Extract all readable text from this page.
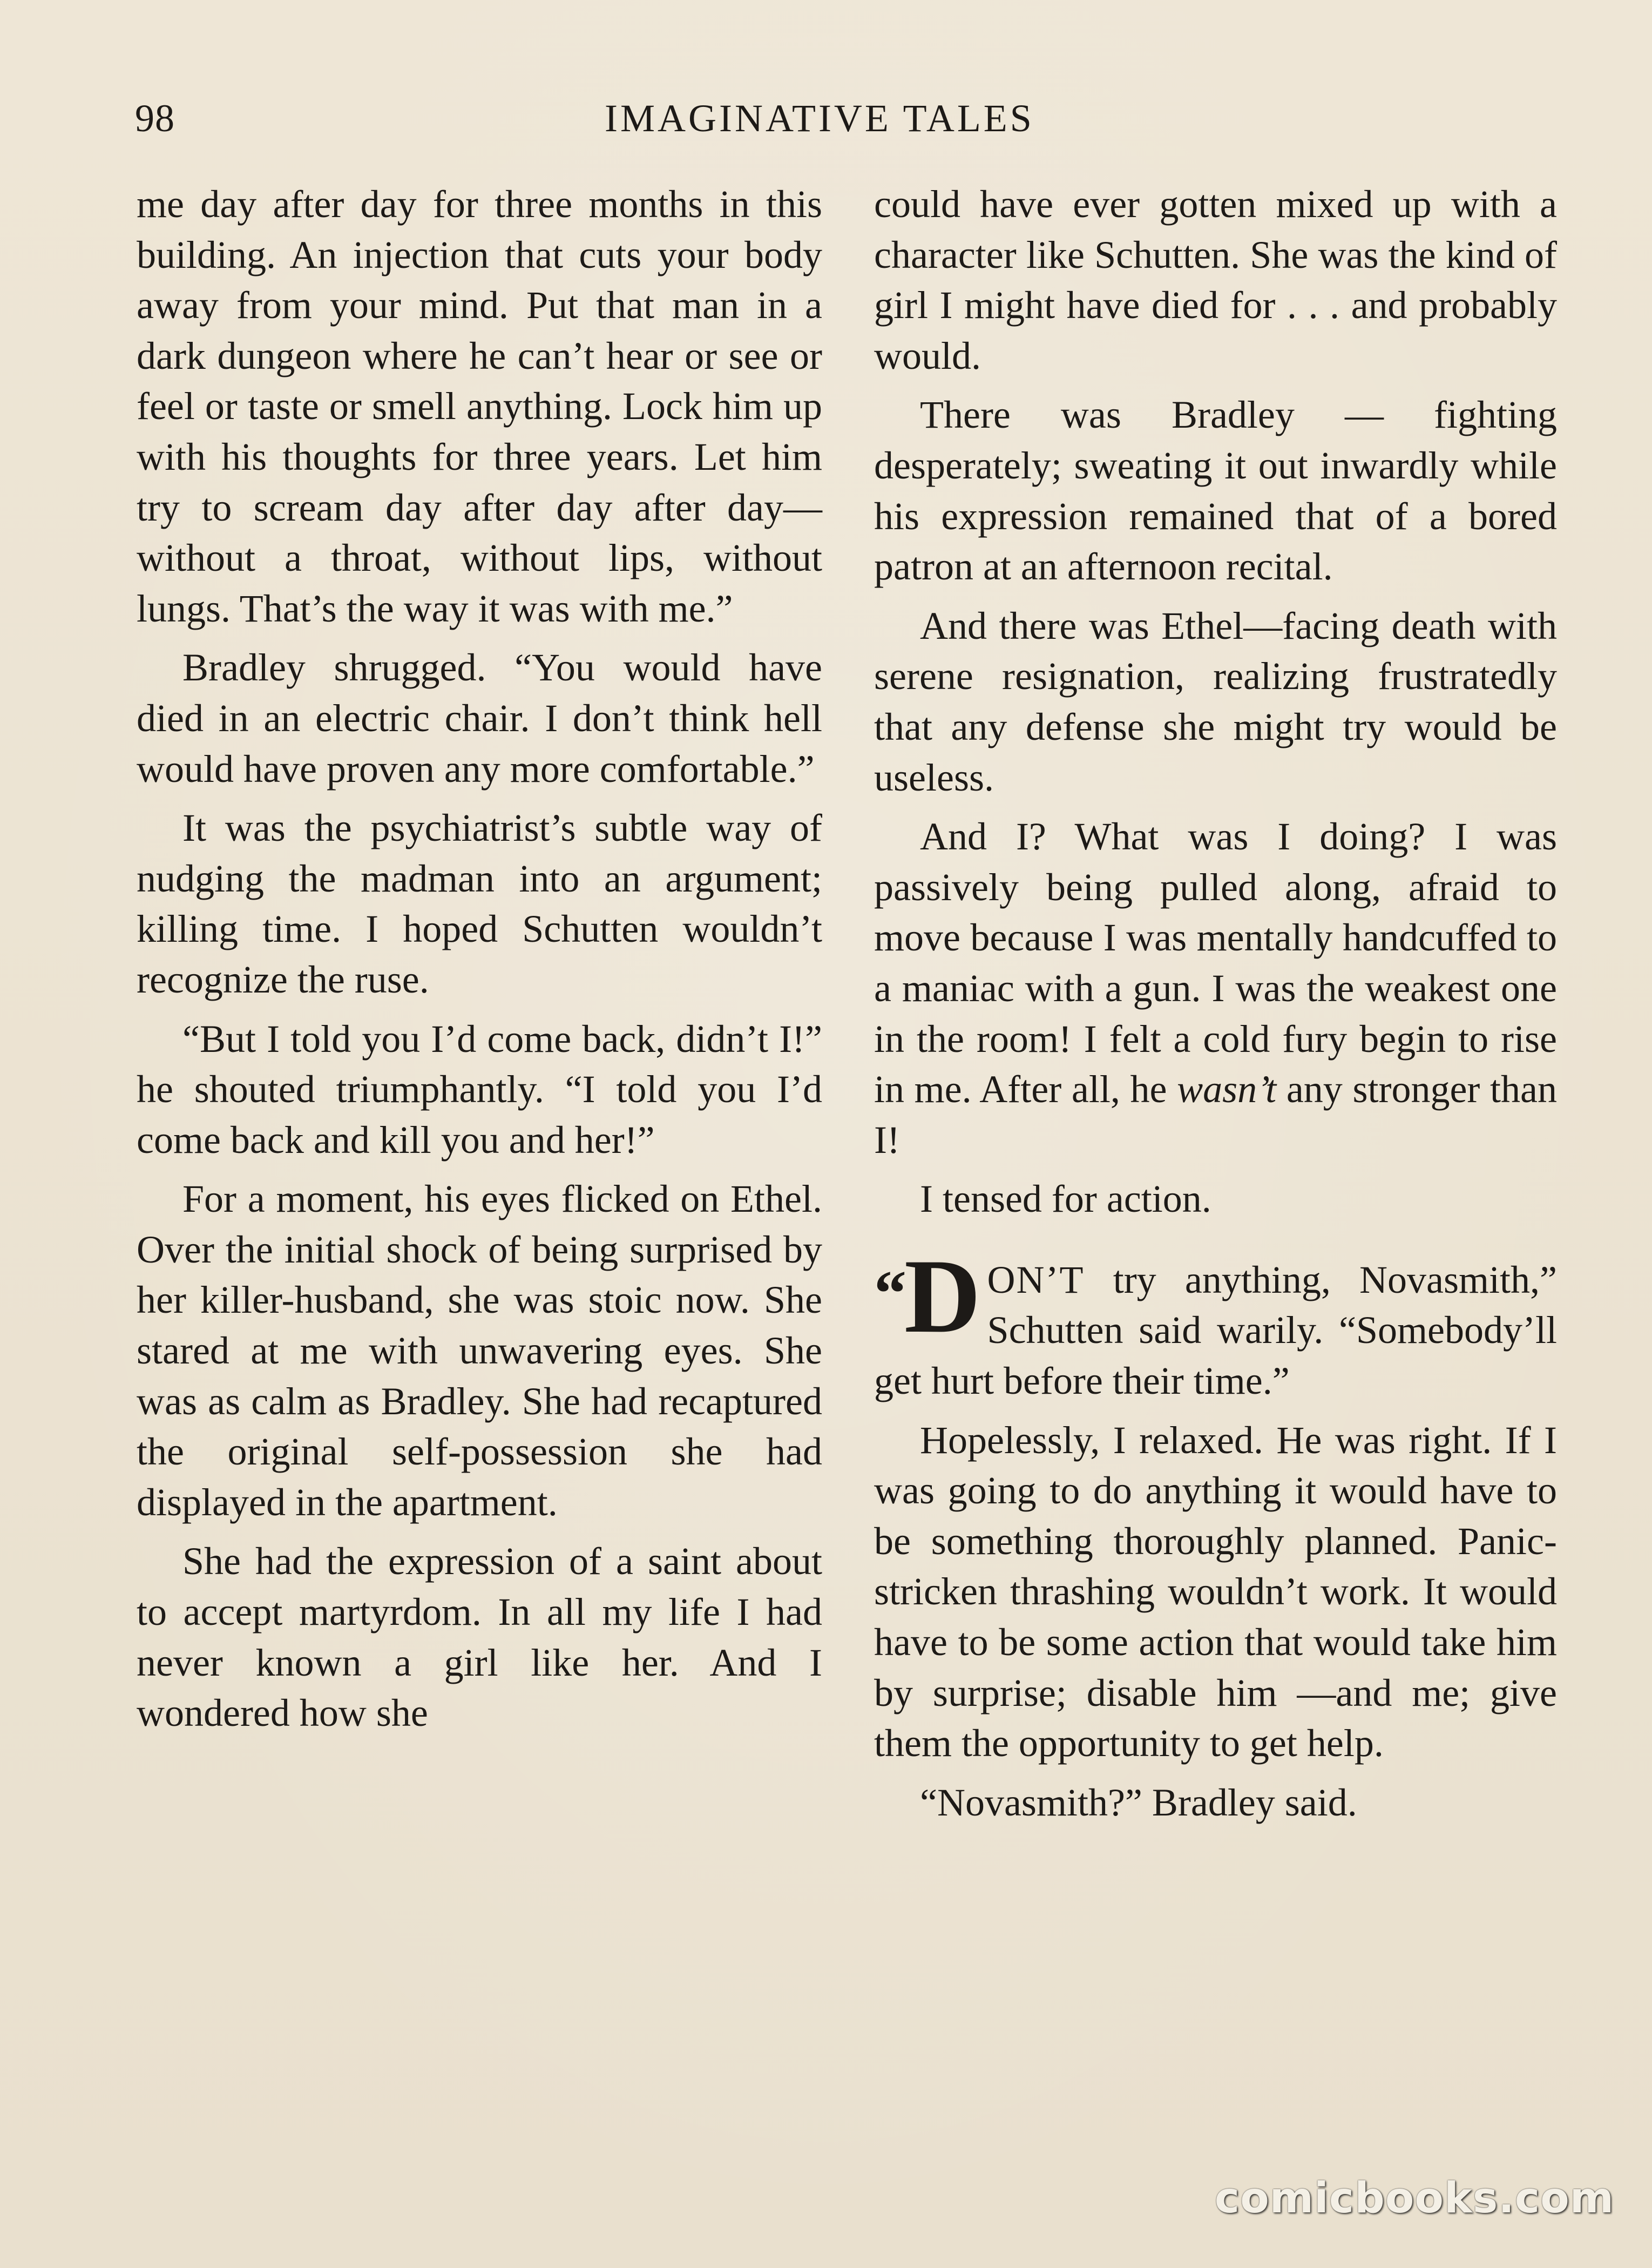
98	IMAGINATIVE TALES

me day after day for three months in this building. An injection that cuts your body away from your mind. Put that man in a dark dungeon where he can’t hear or see or feel or taste or smell anything. Lock him up with his thoughts for three years. Let him try to scream day after day after day—without a throat, without lips, without lungs. That’s the way it was with me.”

Bradley shrugged. “You would have died in an electric chair. I don’t think hell would have proven any more comfortable.”

It was the psychiatrist’s subtle way of nudging the madman into an argument; killing time. I hoped Schutten wouldn’t recognize the ruse.

“But I told you I’d come back, didn’t I!” he shouted triumphantly. “I told you I’d come back and kill you and her!”

For a moment, his eyes flicked on Ethel. Over the initial shock of being surprised by her killer-husband, she was stoic now. She stared at me with unwavering eyes. She was as calm as Bradley. She had recaptured the original self-possession she had displayed in the apartment.

She had the expression of a saint about to accept martyrdom. In all my life I had never known a girl like her. And I wondered how she

could have ever gotten mixed up with a character like Schutten. She was the kind of girl I might have died for . . . and probably would.

There was Bradley — fighting desperately; sweating it out inwardly while his expression remained that of a bored patron at an afternoon recital.

And there was Ethel—facing death with serene resignation, realizing frustratedly that any defense she might try would be useless.

And I? What was I doing? I was passively being pulled along, afraid to move because I was mentally handcuffed to a maniac with a gun. I was the weakest one in the room! I felt a cold fury begin to rise in me. After all, he wasn’t any stronger than I!

I tensed for action.

“D ON’T try anything, Novasmith,” Schutten said warily. “Somebody’ll get hurt before their time.”

Hopelessly, I relaxed. He was right. If I was going to do anything it would have to be something thoroughly planned. Panic-stricken thrashing wouldn’t work. It would have to be some action that would take him by surprise; disable him —and me; give them the opportunity to get help.

“Novasmith?” Bradley said.

comicbooks.com
